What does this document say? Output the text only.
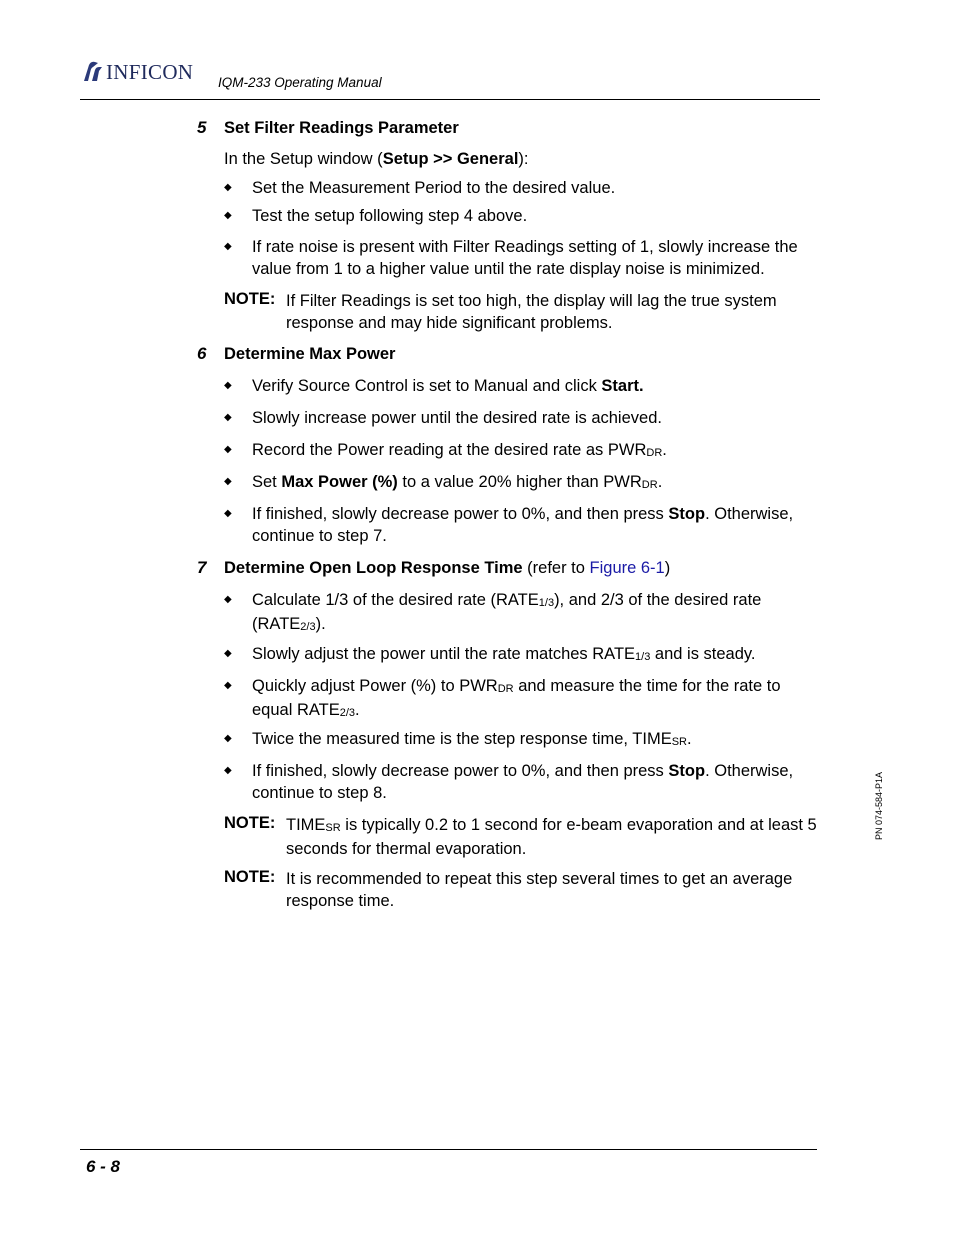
INFICON IQM-233 Operating Manual
5 Set Filter Readings Parameter
In the Setup window (Setup >> General):
◆	Set the Measurement Period to the desired value.
◆	Test the setup following step 4 above.
◆	If rate noise is present with Filter Readings setting of 1, slowly increase the value from 1 to a higher value until the rate display noise is minimized.
NOTE: If Filter Readings is set too high, the display will lag the true system response and may hide significant problems.
6 Determine Max Power
◆	Verify Source Control is set to Manual and click Start.
◆	Slowly increase power until the desired rate is achieved.
◆	Record the Power reading at the desired rate as $PWR_{DR}$.
◆	Set Max Power (%) to a value 20% higher than $PWR_{DR}$.
◆	If finished, slowly decrease power to 0%, and then press Stop. Otherwise, continue to step 7.
7 Determine Open Loop Response Time (refer to Figure 6-1)
◆	Calculate 1/3 of the desired rate $(RATE_{1/3})$, and 2/3 of the desired rate $(RATE_{2/3})$.
◆	Slowly adjust the power until the rate matches $RATE_{1/3}$ and is steady.
◆	Quickly adjust Power (%) to $PWR_{DR}$ and measure the time for the rate to equal $RATE_{2/3}$.
◆	Twice the measured time is the step response time, $TIME_{SR}$.
◆	If finished, slowly decrease power to 0%, and then press Stop. Otherwise, continue to step 8.
NOTE: $TIME_{SR}$ is typically 0.2 to 1 second for e-beam evaporation and at least 5 seconds for thermal evaporation.
NOTE: It is recommended to repeat this step several times to get an average response time.
PN 074-584-P1A
6 - 8
